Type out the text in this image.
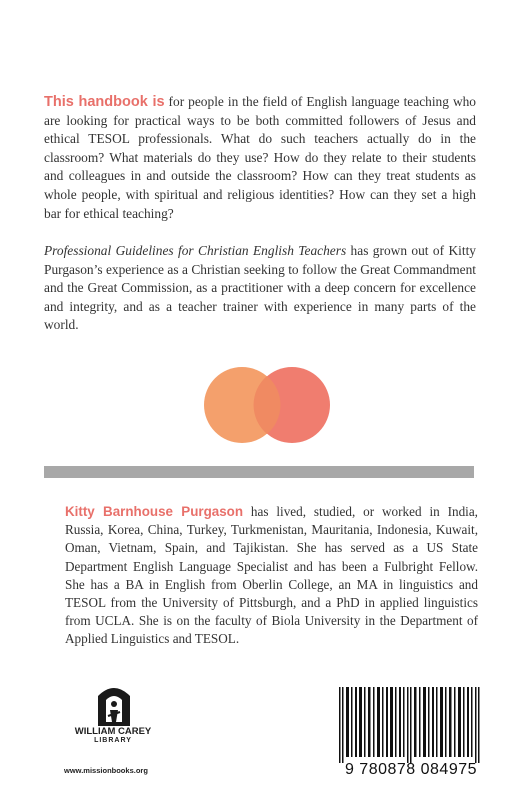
This handbook is for people in the field of English language teaching who are looking for practical ways to be both committed followers of Jesus and ethical TESOL professionals. What do such teachers actually do in the classroom? What materials do they use? How do they relate to their students and colleagues in and outside the classroom? How can they treat students as whole people, with spiritual and religious identities? How can they set a high bar for ethical teaching?

Professional Guidelines for Christian English Teachers has grown out of Kitty Purgason’s experience as a Christian seeking to follow the Great Commandment and the Great Commission, as a practitioner with a deep concern for excellence and integrity, and as a teacher trainer with experience in many parts of the world.

Kitty Barnhouse Purgason has lived, studied, or worked in India, Russia, Korea, China, Turkey, Turkmenistan, Mauritania, Indonesia, Kuwait, Oman, Vietnam, Spain, and Tajikistan. She has served as a US State Department English Language Specialist and has been a Fulbright Fellow. She has a BA in English from Oberlin College, an MA in linguistics and TESOL from the University of Pittsburgh, and a PhD in applied linguistics from UCLA. She is on the faculty of Biola University in the Department of Applied Linguistics and TESOL.

WILLIAM CAREY
LIBRARY
www.missionbooks.org	9 780878 084975
